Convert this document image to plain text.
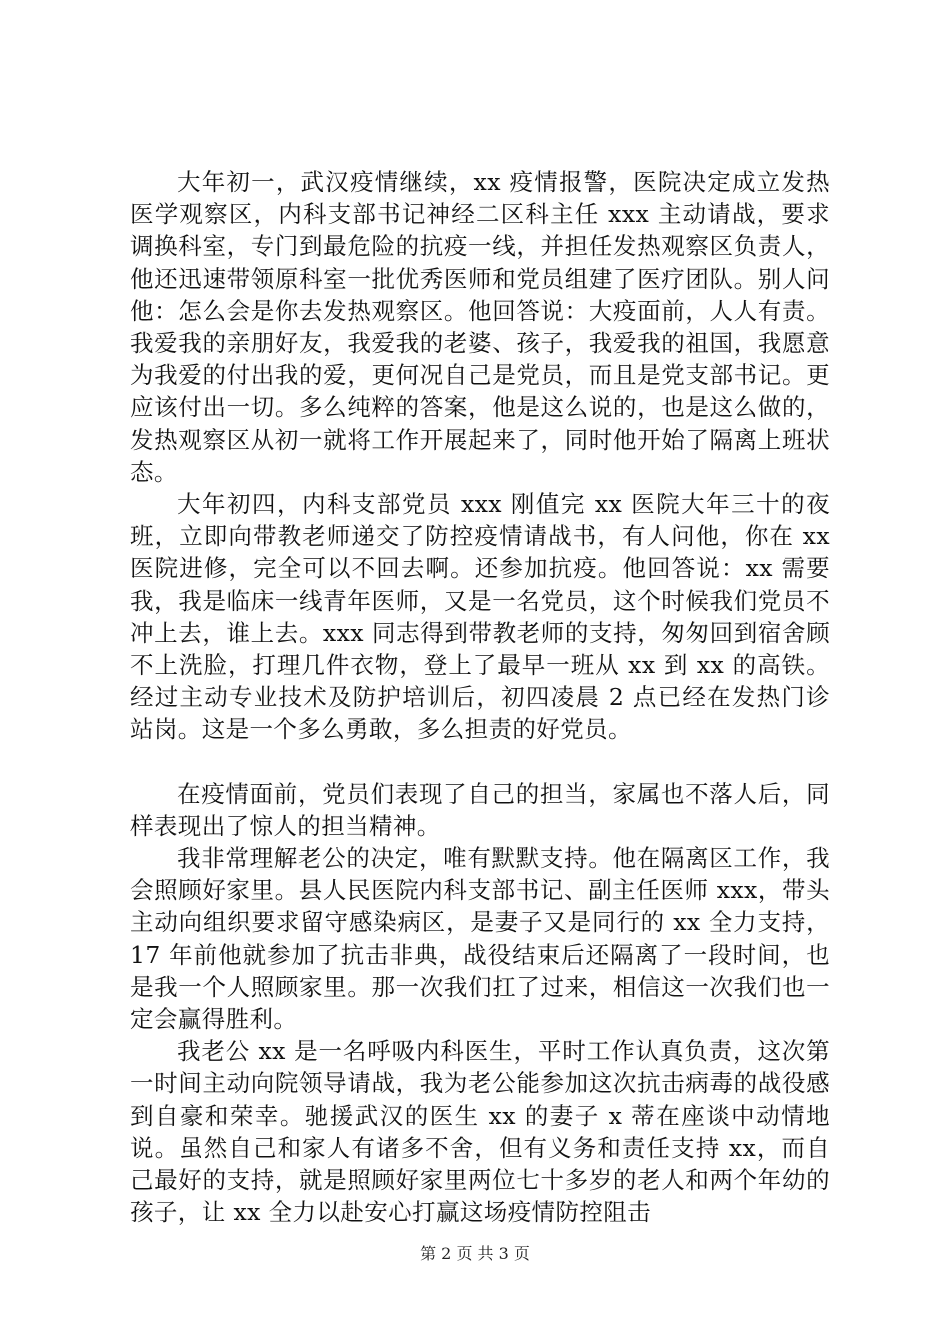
大年初一，武汉疫情继续，xx 疫情报警，医院决定成立发热医学观察区，内科支部书记神经二区科主任 xxx 主动请战，要求调换科室，专门到最危险的抗疫一线，并担任发热观察区负责人，他还迅速带领原科室一批优秀医师和党员组建了医疗团队。别人问他：怎么会是你去发热观察区。他回答说：大疫面前，人人有责。我爱我的亲朋好友，我爱我的老婆、孩子，我爱我的祖国，我愿意为我爱的付出我的爱，更何况自己是党员，而且是党支部书记。更应该付出一切。多么纯粹的答案，他是这么说的，也是这么做的，发热观察区从初一就将工作开展起来了，同时他开始了隔离上班状态。

大年初四，内科支部党员 xxx 刚值完 xx 医院大年三十的夜班，立即向带教老师递交了防控疫情请战书，有人问他，你在 xx 医院进修，完全可以不回去啊。还参加抗疫。他回答说：xx 需要我，我是临床一线青年医师，又是一名党员，这个时候我们党员不冲上去，谁上去。xxx 同志得到带教老师的支持，匆匆回到宿舍顾不上洗脸，打理几件衣物，登上了最早一班从 xx 到 xx 的高铁。经过主动专业技术及防护培训后，初四凌晨 2 点已经在发热门诊站岗。这是一个多么勇敢，多么担责的好党员。

在疫情面前，党员们表现了自己的担当，家属也不落人后，同样表现出了惊人的担当精神。

我非常理解老公的决定，唯有默默支持。他在隔离区工作，我会照顾好家里。县人民医院内科支部书记、副主任医师 xxx，带头主动向组织要求留守感染病区，是妻子又是同行的 xx 全力支持，17 年前他就参加了抗击非典，战役结束后还隔离了一段时间，也是我一个人照顾家里。那一次我们扛了过来，相信这一次我们也一定会赢得胜利。

我老公 xx 是一名呼吸内科医生，平时工作认真负责，这次第一时间主动向院领导请战，我为老公能参加这次抗击病毒的战役感到自豪和荣幸。驰援武汉的医生 xx 的妻子 x 蒂在座谈中动情地说。虽然自己和家人有诸多不舍，但有义务和责任支持 xx，而自己最好的支持，就是照顾好家里两位七十多岁的老人和两个年幼的孩子，让 xx 全力以赴安心打赢这场疫情防控阻击

第 2 页 共 3 页
